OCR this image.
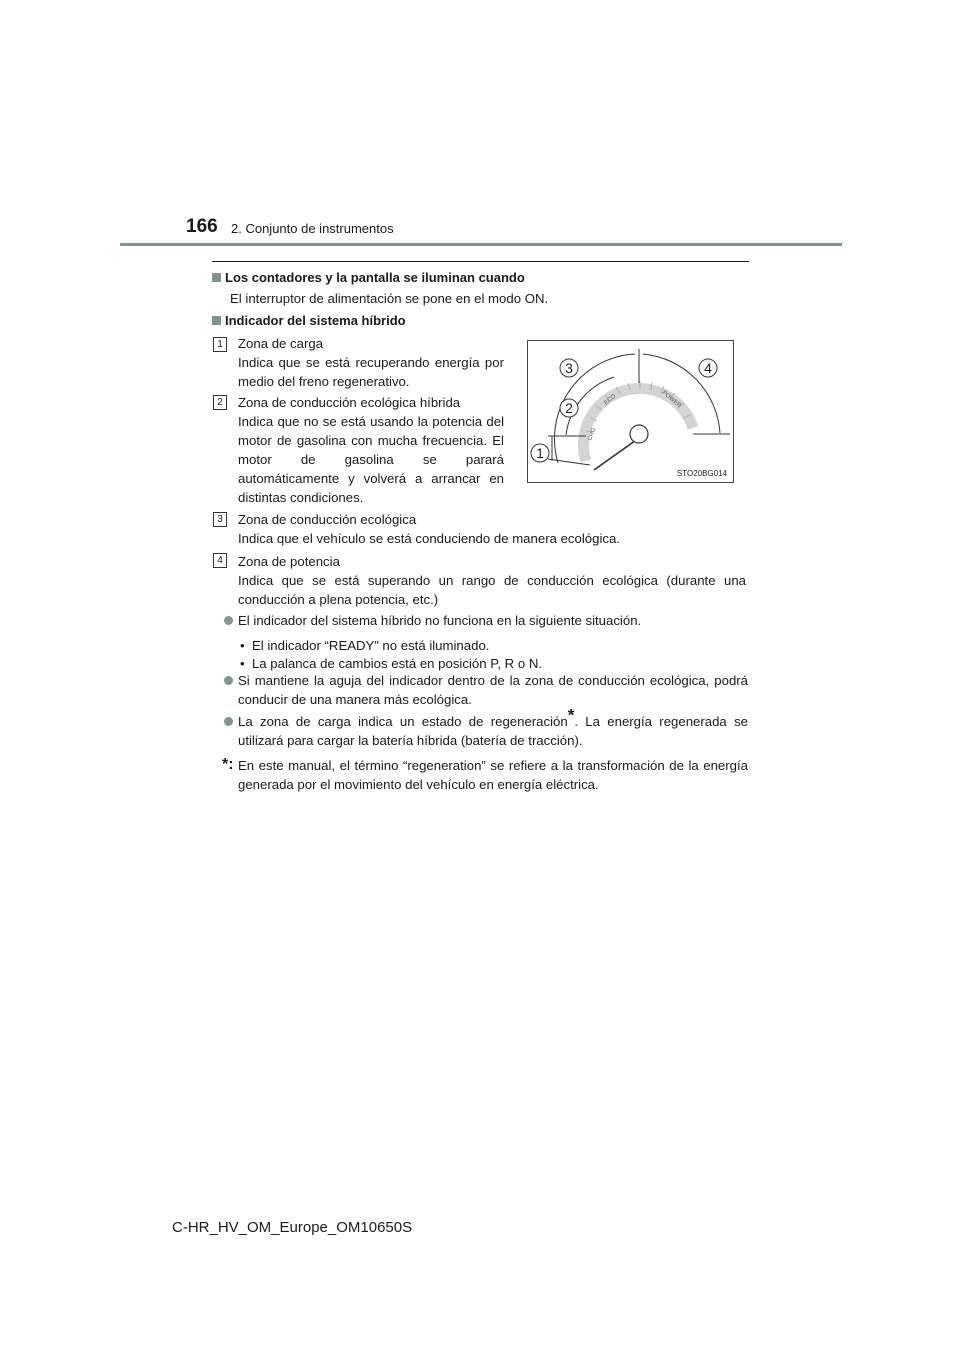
166 2. Conjunto de instrumentos
Los contadores y la pantalla se iluminan cuando
El interruptor de alimentación se pone en el modo ON.
Indicador del sistema híbrido
1	Zona de carga
Indica que se está recuperando energía por medio del freno regenerativo.
2	Zona de conducción ecológica híbrida
Indica que no se está usando la potencia del motor de gasolina con mucha frecuencia. El motor de gasolina se parará automáticamente y volverá a arrancar en distintas condiciones.
ECO	POWER
CHG
1
2
3	4
STO20BG014
3	Zona de conducción ecológica
Indica que el vehículo se está conduciendo de manera ecológica.
4	Zona de potencia
Indica que se está superando un rango de conducción ecológica (durante una conducción a plena potencia, etc.)
El indicador del sistema híbrido no funciona en la siguiente situación.
• El indicador “READY” no está iluminado.
• La palanca de cambios está en posición P, R o N.
Si mantiene la aguja del indicador dentro de la zona de conducción ecológica, podrá conducir de una manera más ecológica.
La zona de carga indica un estado de regeneración*. La energía regenerada se utilizará para cargar la batería híbrida (batería de tracción).
*: En este manual, el término “regeneration” se refiere a la transformación de la energía generada por el movimiento del vehículo en energía eléctrica.
C-HR_HV_OM_Europe_OM10650S
